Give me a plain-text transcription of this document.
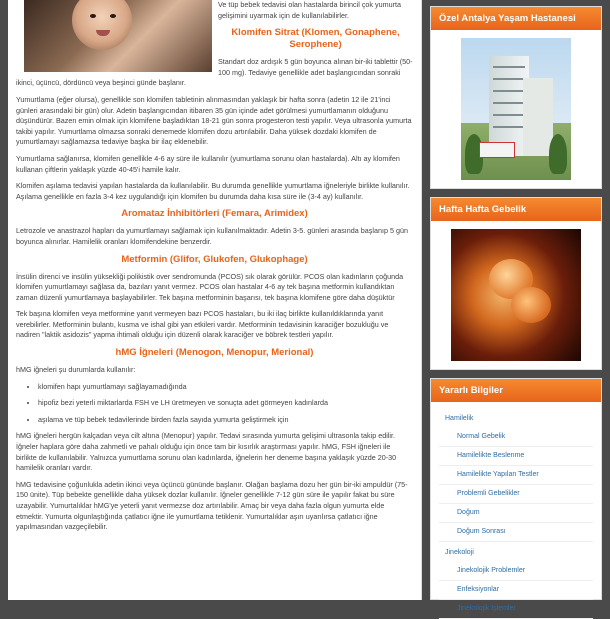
Ve tüp bebek tedavisi olan hastalarda birincil çok yumurta gelişimini uyarmak için de kullanılabilirler.

Klomifen Sitrat (Klomen, Gonaphene, Serophene)

Standart doz ardışık 5 gün boyunca alınan bir-iki tablettir (50-100 mg). Tedaviye genellikle adet başlangıcından sonraki ikinci, üçüncü, dördüncü veya beşinci günde başlanır.

Yumurtlama (eğer olursa), genellikle son klomifen tabletinin alınmasından yaklaşık bir hafta sonra (adetin 12 ile 21'inci günleri arasındaki bir gün) olur. Adetin başlangıcından itibaren 35 gün içinde adet görülmesi yumurtlamanın olduğunu düşündürür. Bazen emin olmak için klomifene başladıktan 18-21 gün sonra progesteron testi yapılır. Veya ultrasonla yumurta takibi yapılır. Yumurtlama olmazsa sonraki denemede klomifen dozu artırılabilir. Daha yüksek dozdaki klomifen de yumurtlamayı sağlamazsa tedaviye başka bir ilaç eklenebilir.

Yumurtlama sağlanırsa, klomifen genellikle 4-6 ay süre ile kullanılır (yumurtlama sorunu olan hastalarda). Altı ay klomifen kullanan çiftlerin yaklaşık yüzde 40-45'i hamile kalır.

Klomifen aşılama tedavisi yapılan hastalarda da kullanılabilir. Bu durumda genellikle yumurtlama iğneleriyle birlikte kullanılır. Aşılama genellikle en fazla 3-4 kez uygulandığı için klomifen bu durumda daha kısa süre ile (3-4 ay) kullanılır.

Aromataz İnhibitörleri (Femara, Arimidex)

Letrozole ve anastrazol hapları da yumurtlamayı sağlamak için kullanılmaktadır. Adetin 3-5. günleri arasında başlanıp 5 gün boyunca alınırlar. Hamilelik oranları klomifendekine benzerdir.

Metformin (Glifor, Glukofen, Glukophage)

İnsülin direnci ve insülin yüksekliği polikistik over sendromunda (PCOS) sık olarak görülür. PCOS olan kadınların çoğunda klomifen yumurtlamayı sağlasa da, bazıları yanıt vermez. PCOS olan hastalar 4-6 ay tek başına metformin kullandıktan zaman düzenli yumurtlamaya başlayabilirler. Tek başına metforminin başarısı, tek başına klomifene göre daha düşüktür

Tek başına klomifen veya metformine yanıt vermeyen bazı PCOS hastaları, bu iki ilaç birlikte kullanıldıklarında yanıt verebilirler. Metforminin bulantı, kusma ve ishal gibi yan etkileri vardır. Metforminin tedavisinin karaciğer bozukluğu ve nadiren "laktik asidozis" yapma ihtimali olduğu için düzenli olarak karaciğer ve böbrek testleri yapılır.

hMG İğneleri (Menogon, Menopur, Merional)

hMG iğneleri şu durumlarda kullanılır:

• klomifen hapı yumurtlamayı sağlayamadığında
• hipofiz bezi yeterli miktarlarda FSH ve LH üretmeyen ve sonuçta adet görmeyen kadınlarda
• aşılama ve tüp bebek tedavilerinde birden fazla sayıda yumurta geliştirmek için

hMG iğneleri hergün kalçadan veya cilt altına (Menopur) yapılır. Tedavi sırasında yumurta gelişimi ultrasonla takip edilir. İğneler haplara göre daha zahmetli ve pahalı olduğu için önce tam bir kısırlık araştırması yapılır. hMG, FSH iğneleri ile birlikte de kullanılabilir. Yalnızca yumurtlama sorunu olan kadınlarda, iğnelerin her deneme başına yaklaşık yüzde 20-30 hamilelik oranları vardır.

hMG tedavisine çoğunlukla adetin ikinci veya üçüncü gününde başlanır. Olağan başlama dozu her gün bir-iki ampuldür (75-150 ünite). Tüp bebekte genellikle daha yüksek dozlar kullanılır. İğneler genellikle 7-12 gün süre ile yapılır fakat bu süre uzayabilir. Yumurtalıklar hMG'ye yeterli yanıt vermezse doz artırılabilir. Amaç bir veya daha fazla olgun yumurta elde etmektir. Yumurta olgunlaştığında çatlatıcı iğne ile yumurtlama tetiklenir. Yumurtalıklar aşırı uyarılırsa çatlatıcı iğne yapılmasından vazgeçilebilir.

Özel Antalya Yaşam Hastanesi
Hafta Hafta Gebelik
Yararlı Bilgiler
Hamilelik
Normal Gebelik
Hamilelikte Beslenme
Hamilelikte Yapılan Testler
Problemli Gebelikler
Doğum
Doğum Sonrası
Jinekoloji
Jinekolojik Problemler
Enfeksiyonlar
Jinekolojik İşlemler
